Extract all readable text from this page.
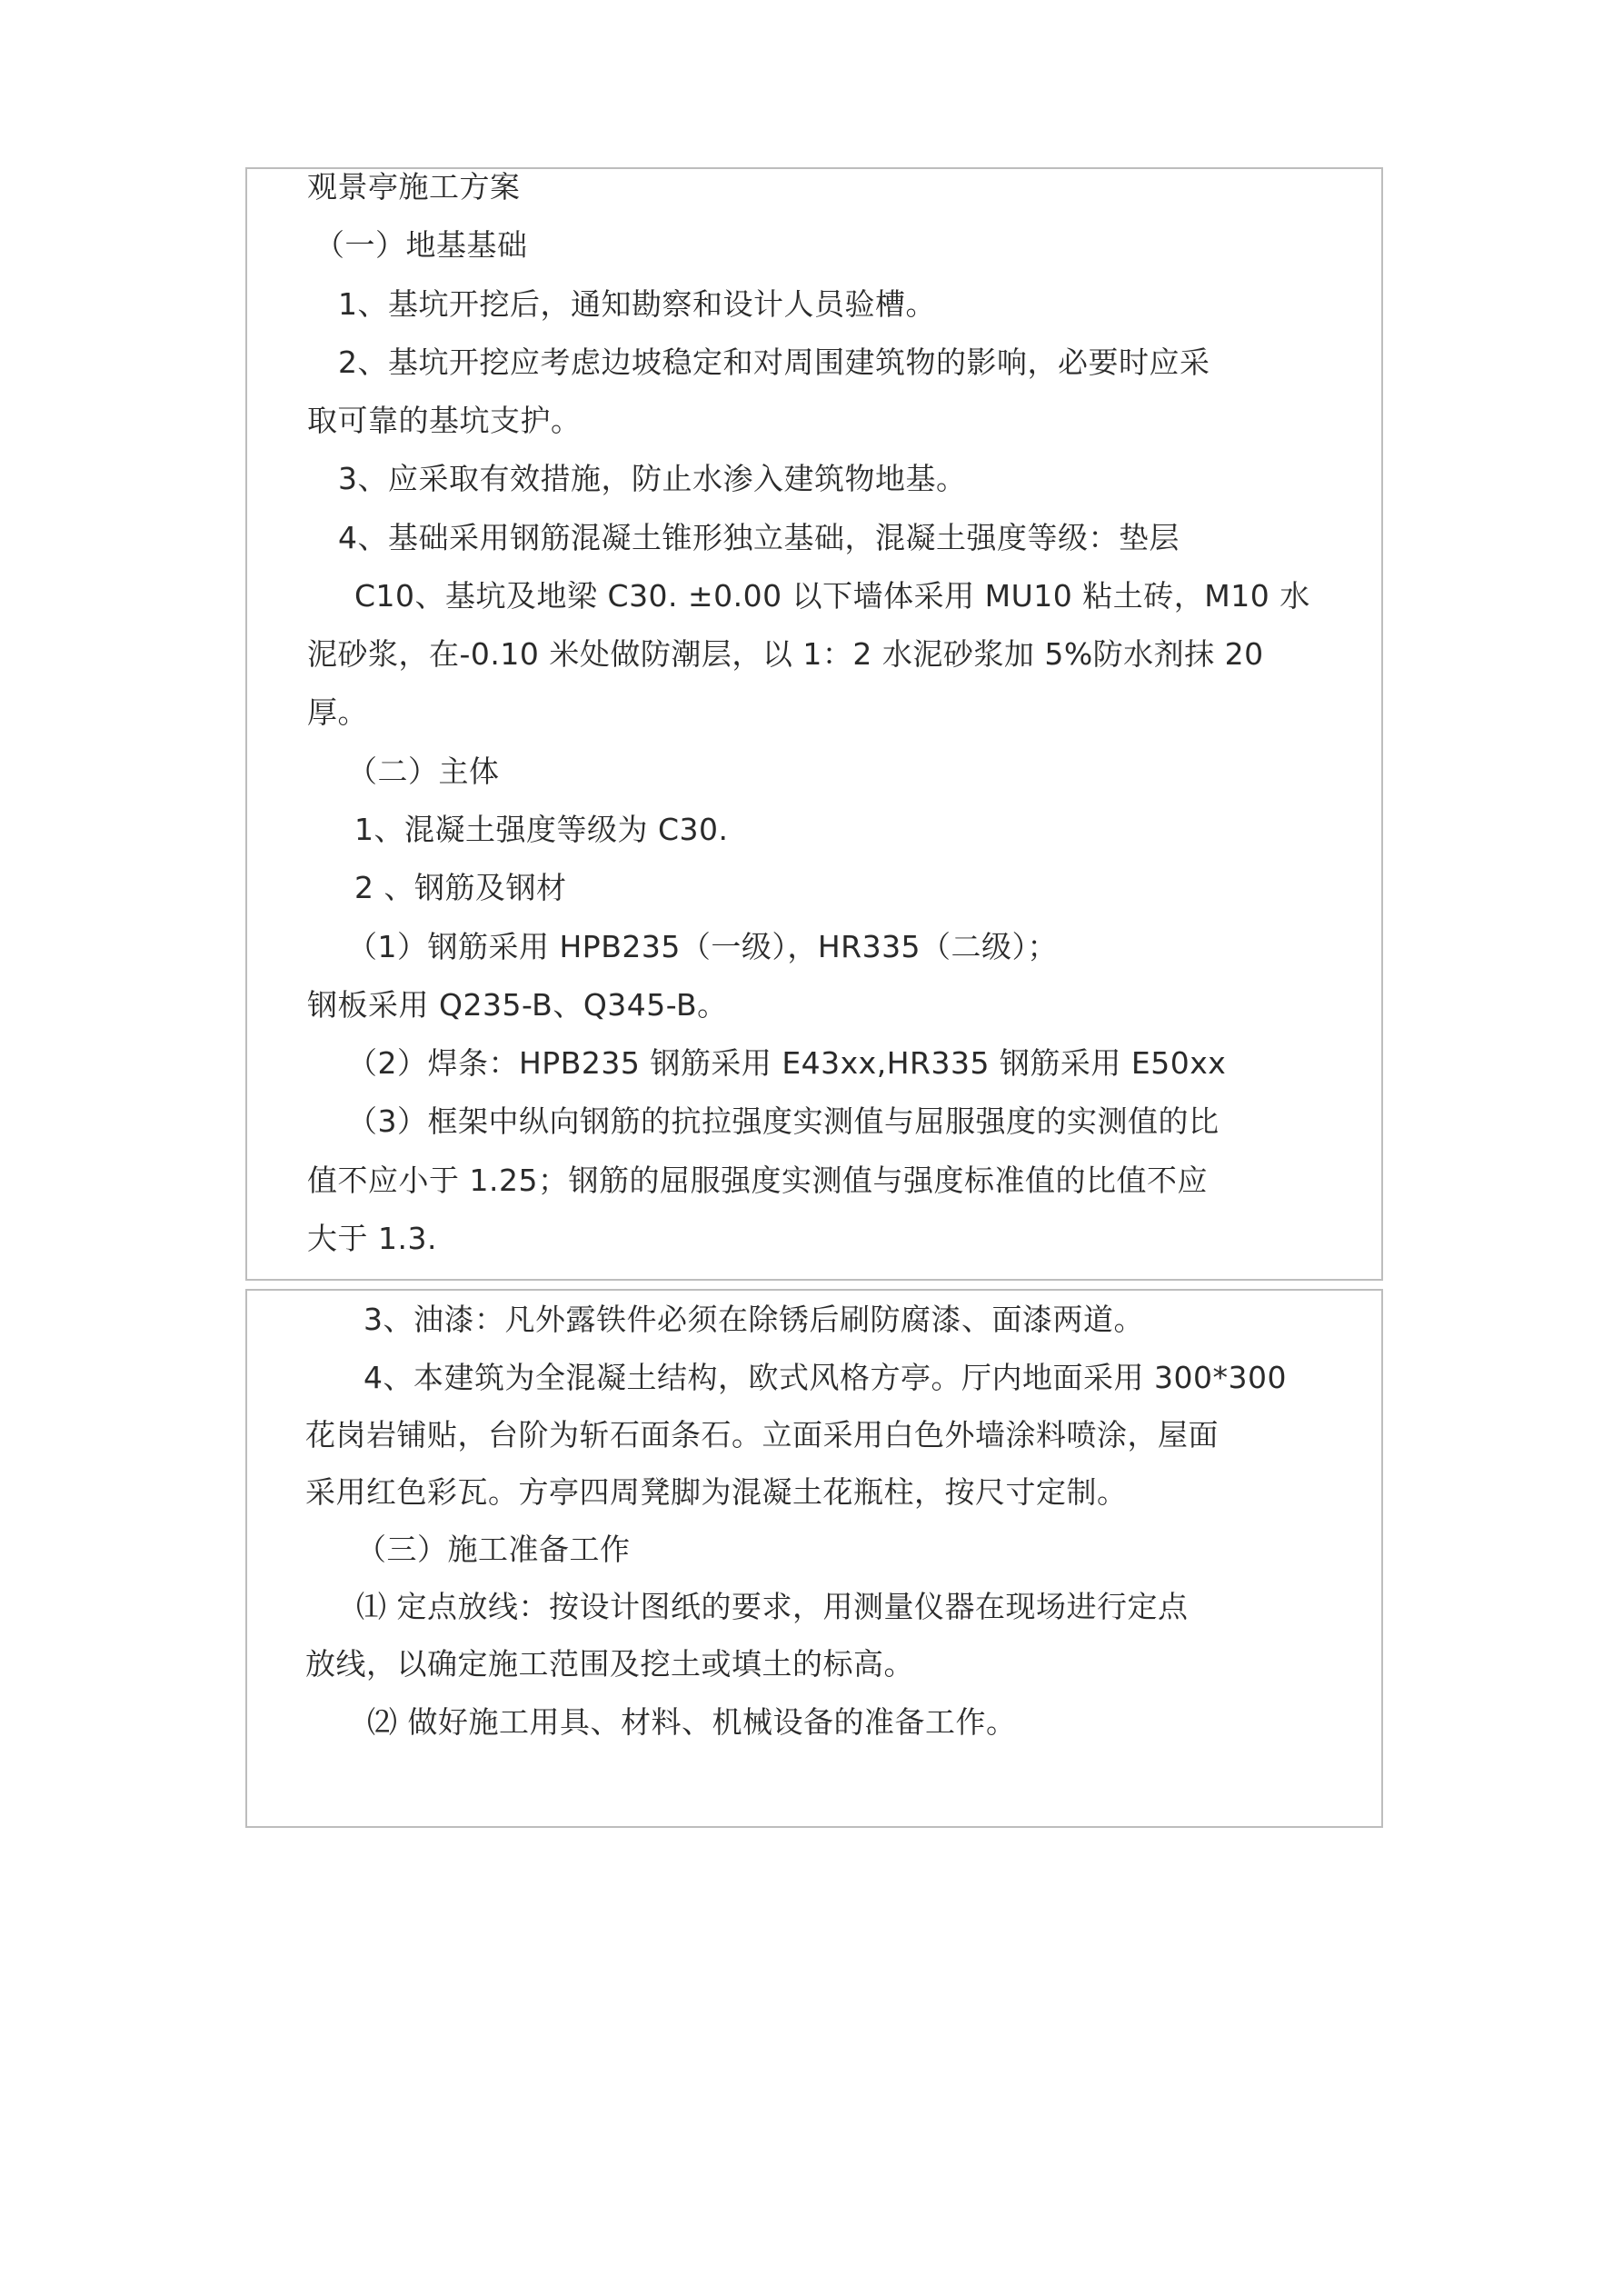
观景亭施工方案

（一）地基基础

1、基坑开挖后，通知勘察和设计人员验槽。

2、基坑开挖应考虑边坡稳定和对周围建筑物的影响，必要时应采

取可靠的基坑支护。

3、应采取有效措施，防止水渗入建筑物地基。

4、基础采用钢筋混凝土锥形独立基础，混凝土强度等级：垫层

C10、基坑及地梁 C30. ±0.00 以下墙体采用 MU10 粘土砖，M10 水

泥砂浆，在-0.10 米处做防潮层，以 1：2 水泥砂浆加 5%防水剂抹 20

厚。

（二）主体

1、混凝土强度等级为 C30.

2 、钢筋及钢材

（1）钢筋采用 HPB235（一级），HR335（二级）；

钢板采用 Q235-B、Q345-B。

（2）焊条：HPB235 钢筋采用 E43xx,HR335 钢筋采用 E50xx

（3）框架中纵向钢筋的抗拉强度实测值与屈服强度的实测值的比

值不应小于 1.25；钢筋的屈服强度实测值与强度标准值的比值不应

大于 1.3.

3、油漆：凡外露铁件必须在除锈后刷防腐漆、面漆两道。

4、本建筑为全混凝土结构，欧式风格方亭。厅内地面采用 300*300

花岗岩铺贴，台阶为斩石面条石。立面采用白色外墙涂料喷涂，屋面

采用红色彩瓦。方亭四周凳脚为混凝土花瓶柱，按尺寸定制。

（三）施工准备工作

⑴ 定点放线：按设计图纸的要求，用测量仪器在现场进行定点

放线，以确定施工范围及挖土或填土的标高。

⑵ 做好施工用具、材料、机械设备的准备工作。
